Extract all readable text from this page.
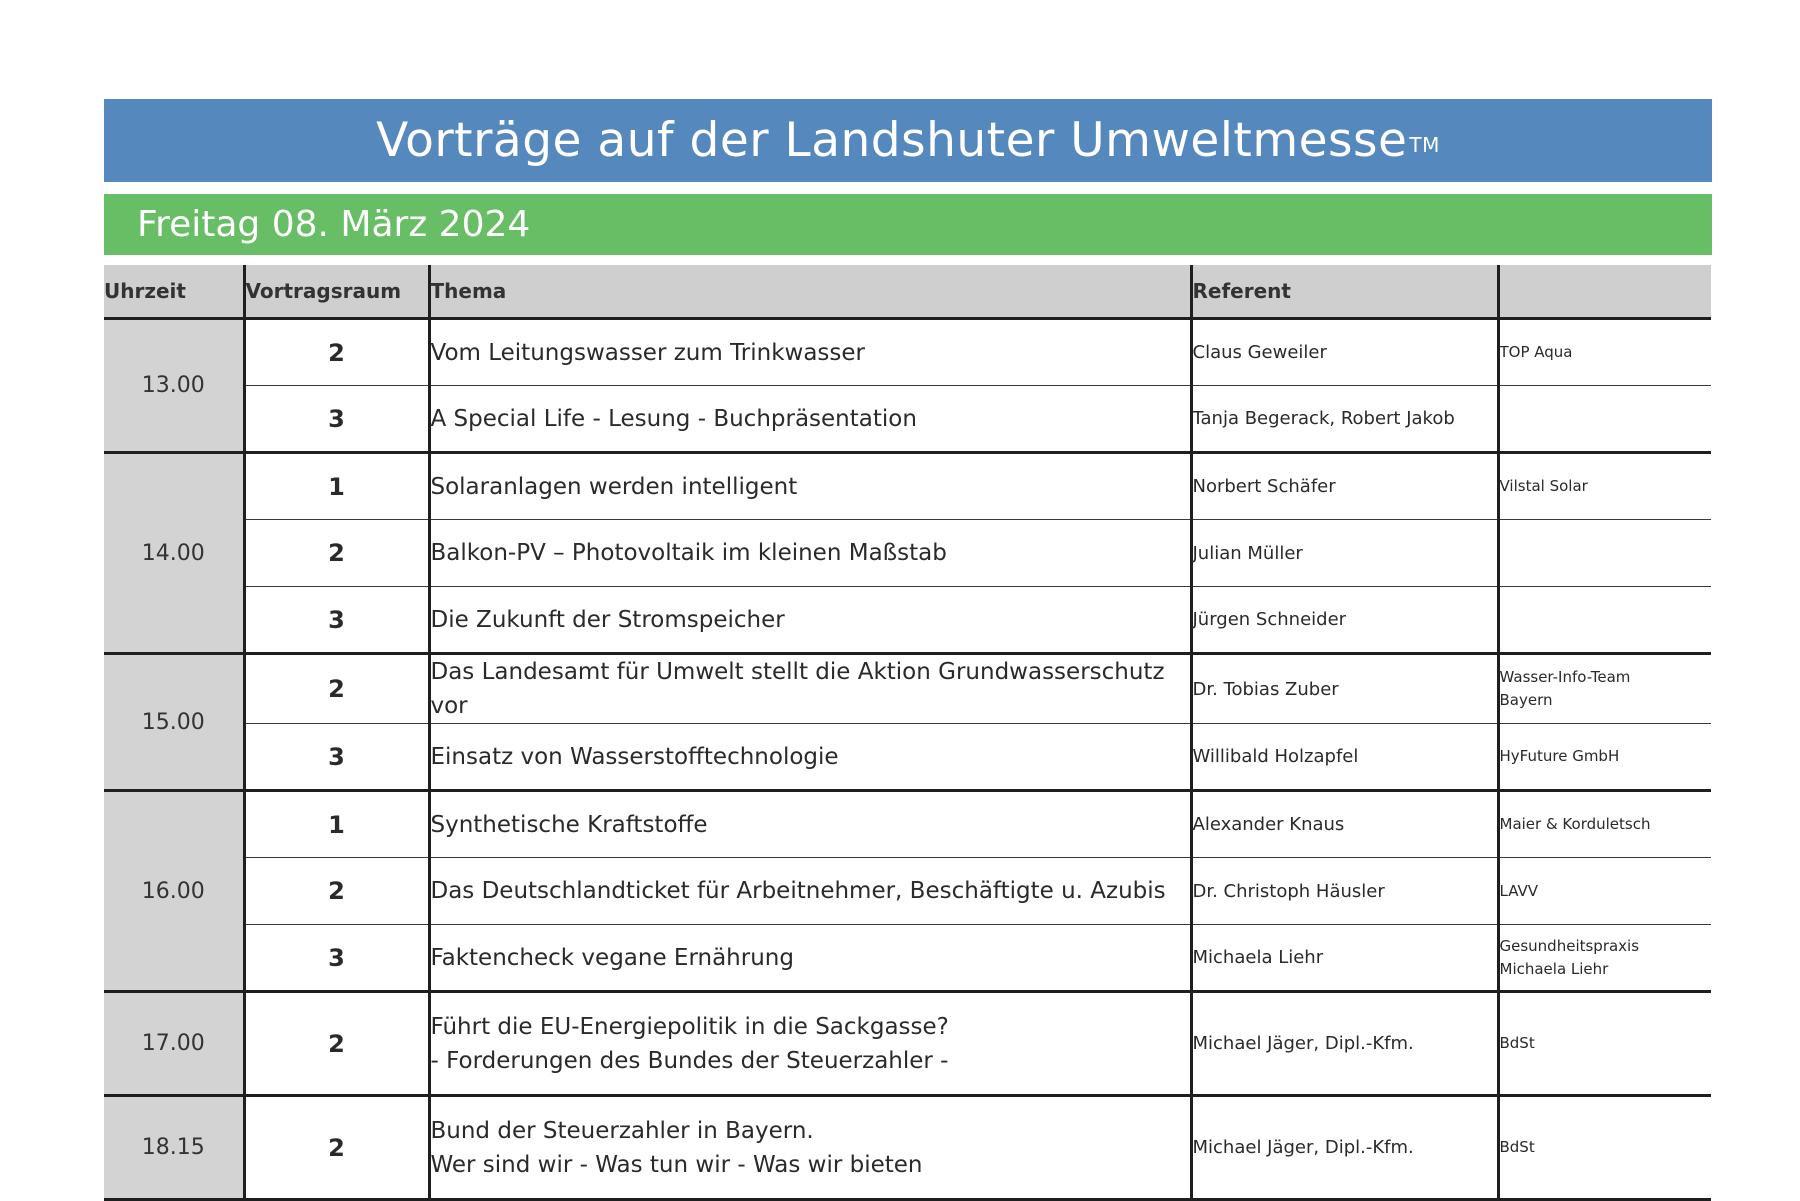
Vorträge auf der Landshuter Umweltmesse™
Freitag 08. März 2024
Uhrzeit	Vortragsraum	Thema	Referent	
13.00	2	Vom Leitungswasser zum Trinkwasser	Claus Geweiler	TOP Aqua

	3	A Special Life - Lesung - Buchpräsentation	Tanja Begerack, Robert Jakob	

14.00	1	Solaranlagen werden intelligent	Norbert Schäfer	Vilstal Solar

	2	Balkon-PV – Photovoltaik im kleinen Maßstab	Julian Müller	

	3	Die Zukunft der Stromspeicher	Jürgen Schneider	

15.00	2	Das Landesamt für Umwelt stellt die Aktion Grundwasserschutz vor	Dr. Tobias Zuber	Wasser-Info-Team
Bayern

	3	Einsatz von Wasserstofftechnologie	Willibald Holzapfel	HyFuture GmbH

16.00	1	Synthetische Kraftstoffe	Alexander Knaus	Maier & Korduletsch

	2	Das Deutschlandticket für Arbeitnehmer, Beschäftigte u. Azubis	Dr. Christoph Häusler	LAVV

	3	Faktencheck vegane Ernährung	Michaela Liehr	Gesundheitspraxis
Michaela Liehr

17.00	2	Führt die EU-Energiepolitik in die Sackgasse?
- Forderungen des Bundes der Steuerzahler -	Michael Jäger, Dipl.-Kfm.	BdSt

18.15	2	Bund der Steuerzahler in Bayern.
Wer sind wir - Was tun wir - Was wir bieten	Michael Jäger, Dipl.-Kfm.	BdSt
